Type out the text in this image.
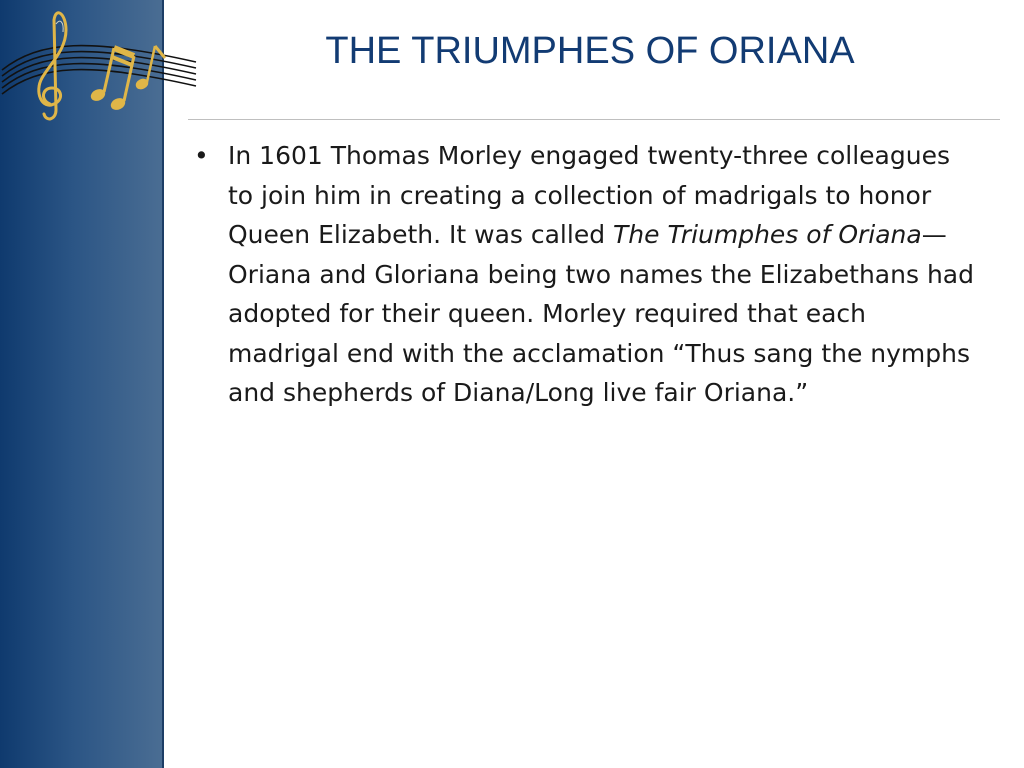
THE TRIUMPHES OF ORIANA
• In 1601 Thomas Morley engaged twenty-three colleagues to join him in creating a collection of madrigals to honor Queen Elizabeth. It was called The Triumphes of Oriana—Oriana and Gloriana being two names the Elizabethans had adopted for their queen. Morley required that each madrigal end with the acclamation “Thus sang the nymphs and shepherds of Diana/Long live fair Oriana.”
